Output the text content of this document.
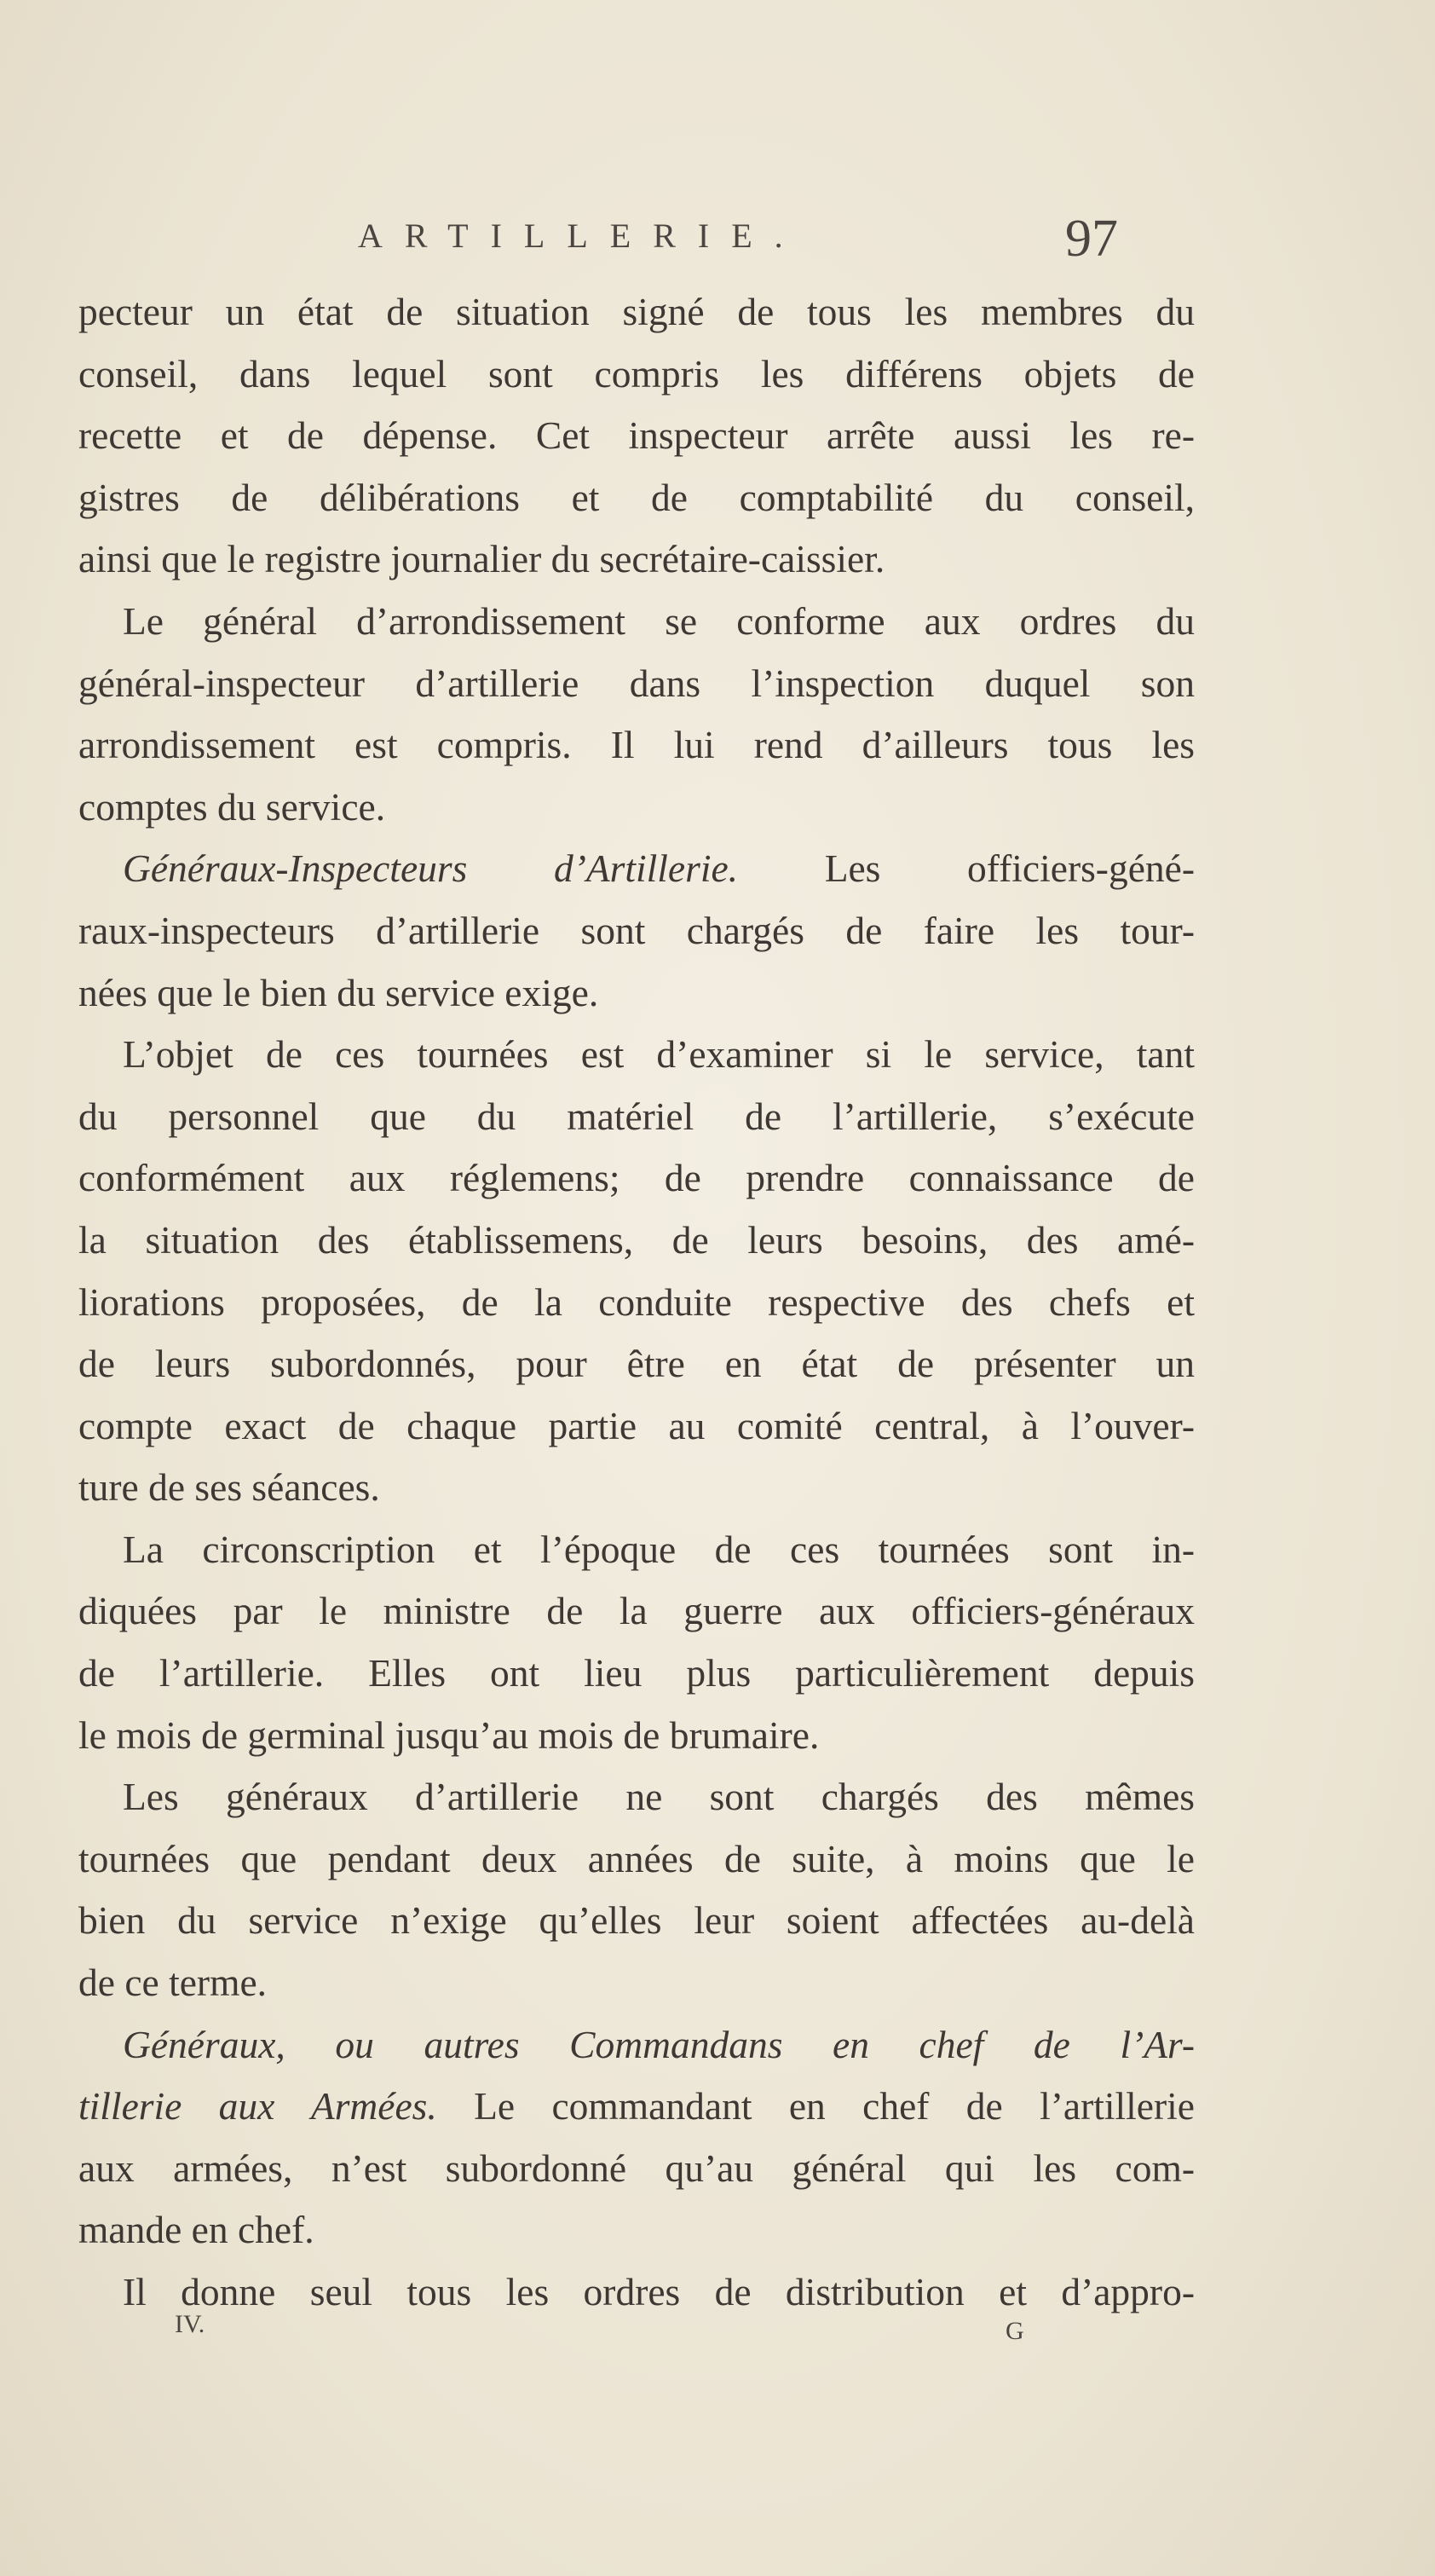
ARTILLERIE.	97
pecteur un état de situation signé de tous les membres du
conseil, dans lequel sont compris les différens objets de
recette et de dépense. Cet inspecteur arrête aussi les re-
gistres de délibérations et de comptabilité du conseil,
ainsi que le registre journalier du secrétaire-caissier.
Le général d’arrondissement se conforme aux ordres du
général-inspecteur d’artillerie dans l’inspection duquel son
arrondissement est compris. Il lui rend d’ailleurs tous les
comptes du service.
Généraux-Inspecteurs d’Artillerie. Les officiers-géné-
raux-inspecteurs d’artillerie sont chargés de faire les tour-
nées que le bien du service exige.
L’objet de ces tournées est d’examiner si le service, tant
du personnel que du matériel de l’artillerie, s’exécute
conformément aux réglemens; de prendre connaissance de
la situation des établissemens, de leurs besoins, des amé-
liorations proposées, de la conduite respective des chefs et
de leurs subordonnés, pour être en état de présenter un
compte exact de chaque partie au comité central, à l’ouver-
ture de ses séances.
La circonscription et l’époque de ces tournées sont in-
diquées par le ministre de la guerre aux officiers-généraux
de l’artillerie. Elles ont lieu plus particulièrement depuis
le mois de germinal jusqu’au mois de brumaire.
Les généraux d’artillerie ne sont chargés des mêmes
tournées que pendant deux années de suite, à moins que le
bien du service n’exige qu’elles leur soient affectées au-delà
de ce terme.
Généraux, ou autres Commandans en chef de l’Ar-
tillerie aux Armées. Le commandant en chef de l’artillerie
aux armées, n’est subordonné qu’au général qui les com-
mande en chef.
Il donne seul tous les ordres de distribution et d’appro-
IV.	G
